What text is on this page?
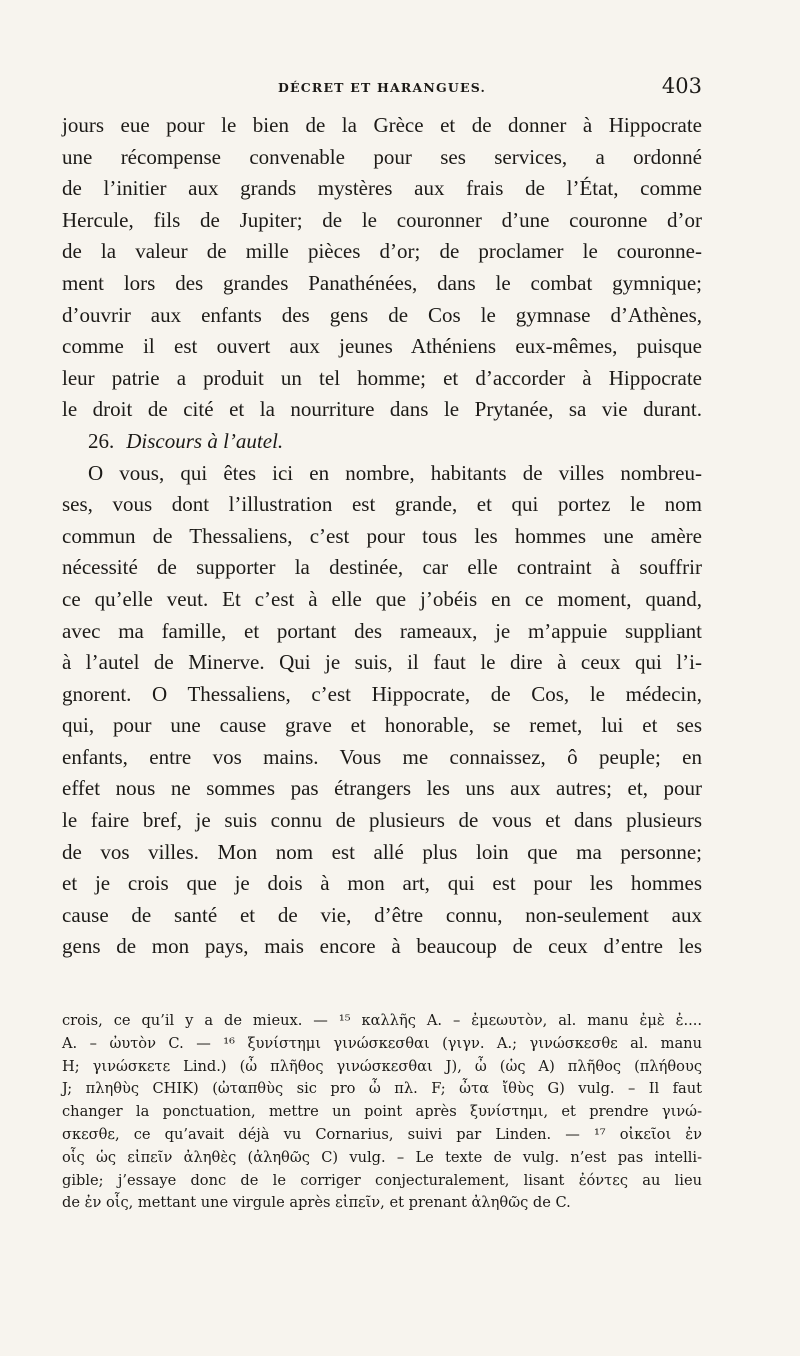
DÉCRET ET HARANGUES.	403
jours eue pour le bien de la Grèce et de donner à Hippocrate
une récompense convenable pour ses services, a ordonné
de l’initier aux grands mystères aux frais de l’État, comme
Hercule, fils de Jupiter; de le couronner d’une couronne d’or
de la valeur de mille pièces d’or; de proclamer le couronne-
ment lors des grandes Panathénées, dans le combat gymnique;
d’ouvrir aux enfants des gens de Cos le gymnase d’Athènes,
comme il est ouvert aux jeunes Athéniens eux-mêmes, puisque
leur patrie a produit un tel homme; et d’accorder à Hippocrate
le droit de cité et la nourriture dans le Prytanée, sa vie durant.
26. Discours à l’autel.
O vous, qui êtes ici en nombre, habitants de villes nombreu-
ses, vous dont l’illustration est grande, et qui portez le nom
commun de Thessaliens, c’est pour tous les hommes une amère
nécessité de supporter la destinée, car elle contraint à souffrir
ce qu’elle veut. Et c’est à elle que j’obéis en ce moment, quand,
avec ma famille, et portant des rameaux, je m’appuie suppliant
à l’autel de Minerve. Qui je suis, il faut le dire à ceux qui l’i-
gnorent. O Thessaliens, c’est Hippocrate, de Cos, le médecin,
qui, pour une cause grave et honorable, se remet, lui et ses
enfants, entre vos mains. Vous me connaissez, ô peuple; en
effet nous ne sommes pas étrangers les uns aux autres; et, pour
le faire bref, je suis connu de plusieurs de vous et dans plusieurs
de vos villes. Mon nom est allé plus loin que ma personne;
et je crois que je dois à mon art, qui est pour les hommes
cause de santé et de vie, d’être connu, non-seulement aux
gens de mon pays, mais encore à beaucoup de ceux d’entre les
crois, ce qu’il y a de mieux. — ¹⁵ καλλῆς A. – ἐμεωυτὸν, al. manu ἐμὲ ἐ....
A. – ὠυτὸν C. — ¹⁶ ξυνίστημι γινώσκεσθαι (γιγν. A.; γινώσκεσθε al. manu
H; γινώσκετε Lind.) (ὦ πλῆθος γινώσκεσθαι J), ὦ (ὡς A) πλῆθος (πλήθους
J; πληθὺς CHIK) (ὠταπθὺς sic pro ὦ πλ. F; ὦτα ἴθὺς G) vulg. – Il faut
changer la ponctuation, mettre un point après ξυνίστημι, et prendre γινώ-
σκεσθε, ce qu’avait déjà vu Cornarius, suivi par Linden. — ¹⁷ οἰκεῖοι ἐν
οἷς ὡς εἰπεῖν ἀληθὲς (ἀληθῶς C) vulg. – Le texte de vulg. n’est pas intelli-
gible; j’essaye donc de le corriger conjecturalement, lisant ἐόντες au lieu
de ἐν οἷς, mettant une virgule après εἰπεῖν, et prenant ἀληθῶς de C.
